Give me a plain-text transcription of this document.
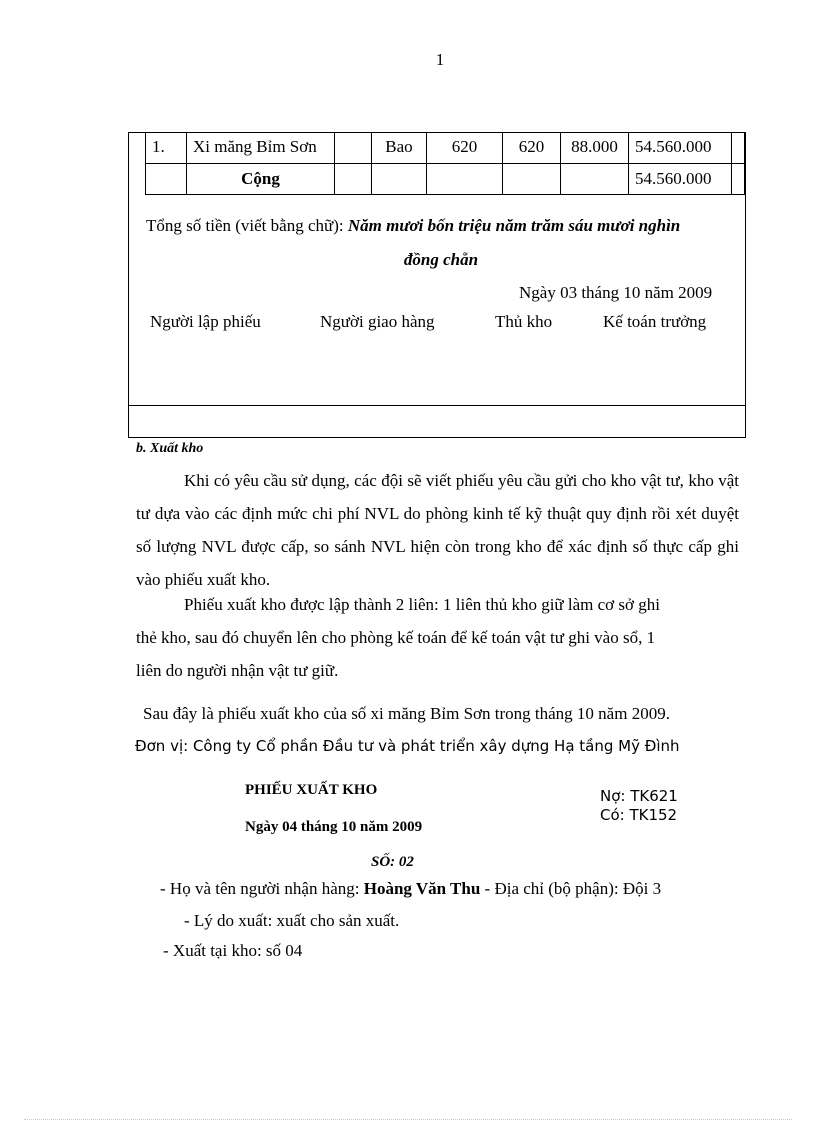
1
1.	Xi măng Bỉm Sơn		Bao	620	620	88.000	54.560.000	
	Cộng						54.560.000	
Tổng số tiền (viết bằng chữ): Năm mươi bốn triệu năm trăm sáu mươi nghìn
đồng chẵn
Ngày 03 tháng 10 năm 2009
Người lập phiếu	Người giao hàng	Thủ kho	Kế toán trưởng
b. Xuất kho
Khi có yêu cầu sử dụng, các đội sẽ viết phiếu yêu cầu gửi cho kho vật tư, kho vật tư dựa vào các định mức chi phí NVL do phòng kinh tế kỹ thuật quy định rồi xét duyệt số lượng NVL được cấp, so sánh NVL hiện còn trong kho để xác định số thực cấp ghi vào phiếu xuất kho.
Phiếu xuất kho được lập thành 2 liên: 1 liên thủ kho giữ làm cơ sở ghi
thẻ kho, sau đó chuyển lên cho phòng kế toán để kế toán vật tư ghi vào sổ, 1
liên do người nhận vật tư giữ.
Sau đây là phiếu xuất kho của số xi măng Bỉm Sơn trong tháng 10 năm 2009.
Đơn vị: Công ty Cổ phần Đầu tư và phát triển xây dựng Hạ tầng Mỹ Đình
PHIẾU XUẤT KHO	Nợ: TK621
Có: TK152
Ngày 04 tháng 10 năm 2009
SỐ: 02
- Họ và tên người nhận hàng: Hoàng Văn Thu - Địa chỉ (bộ phận): Đội 3
- Lý do xuất: xuất cho sản xuất.
- Xuất tại kho: số 04
